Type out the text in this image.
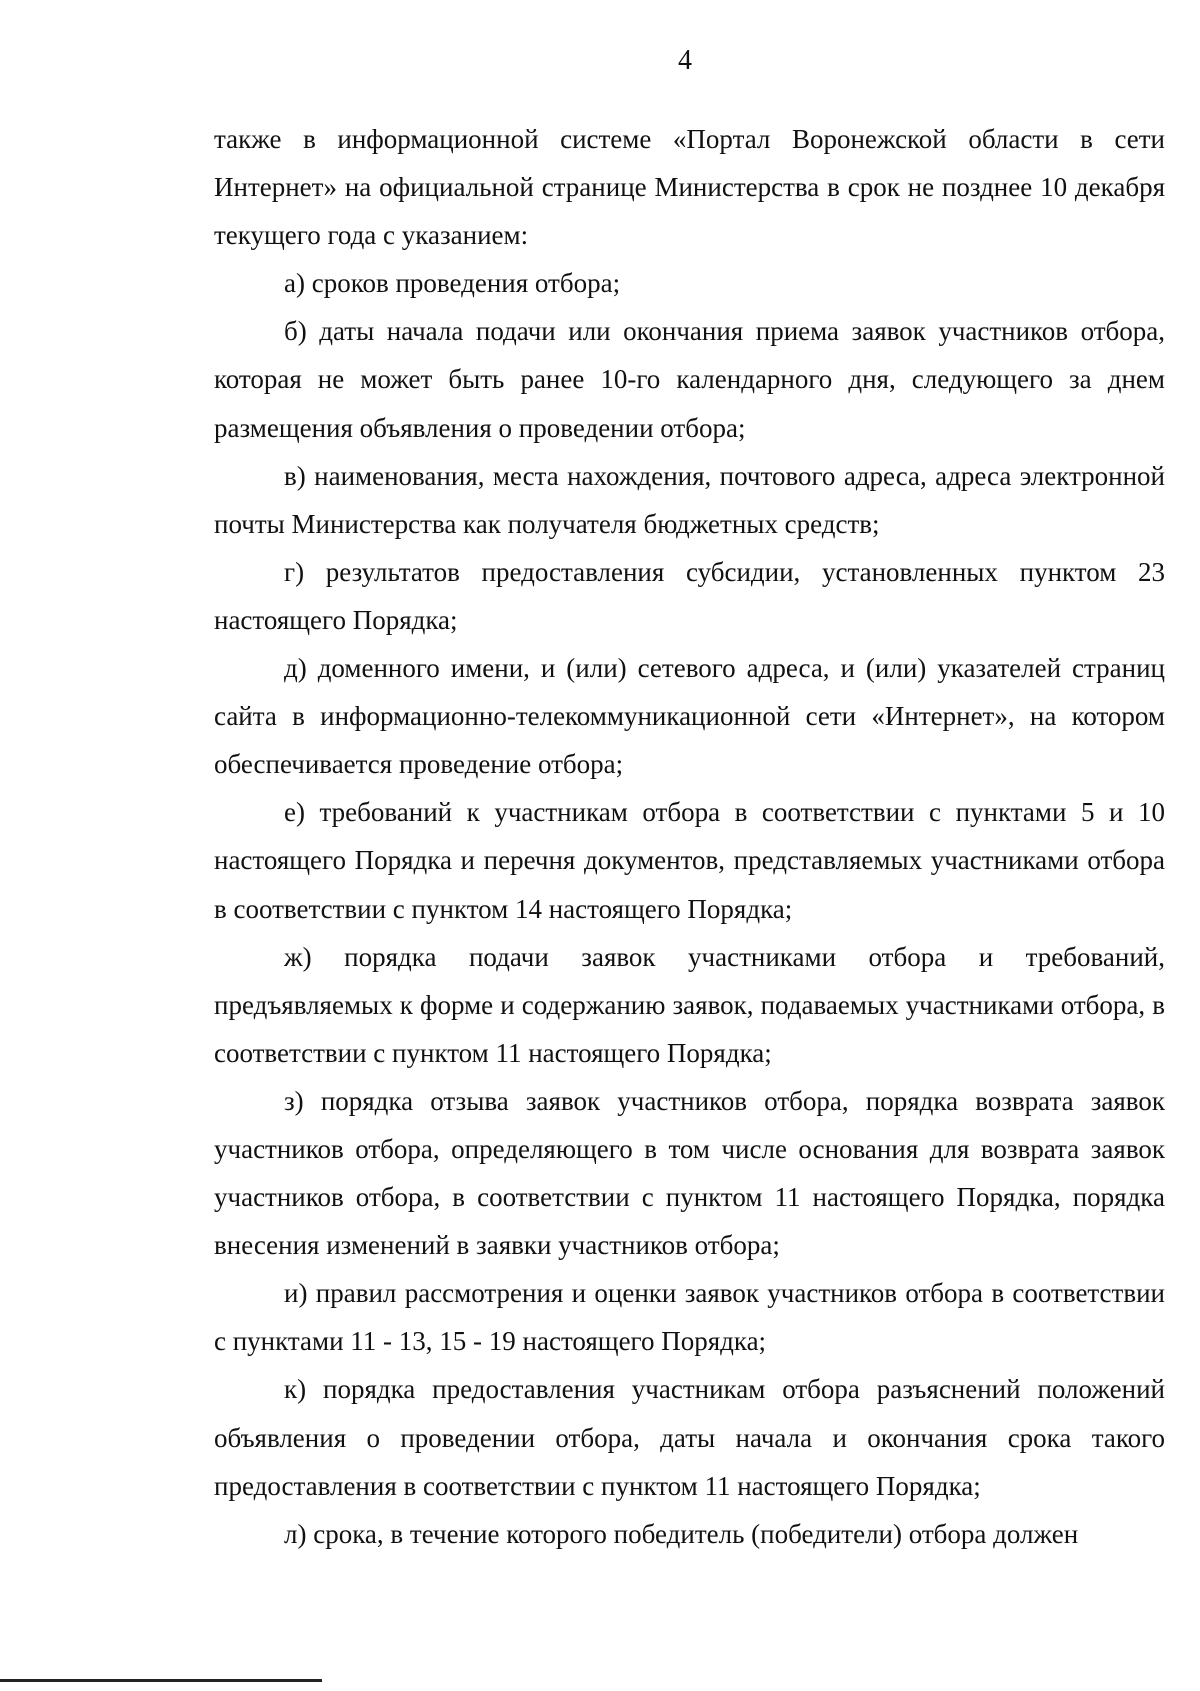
4

также в информационной системе «Портал Воронежской области в сети Интернет» на официальной странице Министерства в срок не позднее 10 декабря текущего года с указанием:

а) сроков проведения отбора;

б) даты начала подачи или окончания приема заявок участников отбора, которая не может быть ранее 10-го календарного дня, следующего за днем размещения объявления о проведении отбора;

в) наименования, места нахождения, почтового адреса, адреса электронной почты Министерства как получателя бюджетных средств;

г) результатов предоставления субсидии, установленных пунктом 23 настоящего Порядка;

д) доменного имени, и (или) сетевого адреса, и (или) указателей страниц сайта в информационно-телекоммуникационной сети «Интернет», на котором обеспечивается проведение отбора;

е) требований к участникам отбора в соответствии с пунктами 5 и 10 настоящего Порядка и перечня документов, представляемых участниками отбора в соответствии с пунктом 14 настоящего Порядка;

ж) порядка подачи заявок участниками отбора и требований, предъявляемых к форме и содержанию заявок, подаваемых участниками отбора, в соответствии с пунктом 11 настоящего Порядка;

з) порядка отзыва заявок участников отбора, порядка возврата заявок участников отбора, определяющего в том числе основания для возврата заявок участников отбора, в соответствии с пунктом 11 настоящего Порядка, порядка внесения изменений в заявки участников отбора;

и) правил рассмотрения и оценки заявок участников отбора в соответствии с пунктами 11 - 13, 15 - 19 настоящего Порядка;

к) порядка предоставления участникам отбора разъяснений положений объявления о проведении отбора, даты начала и окончания срока такого предоставления в соответствии с пунктом 11 настоящего Порядка;

л) срока, в течение которого победитель (победители) отбора должен
